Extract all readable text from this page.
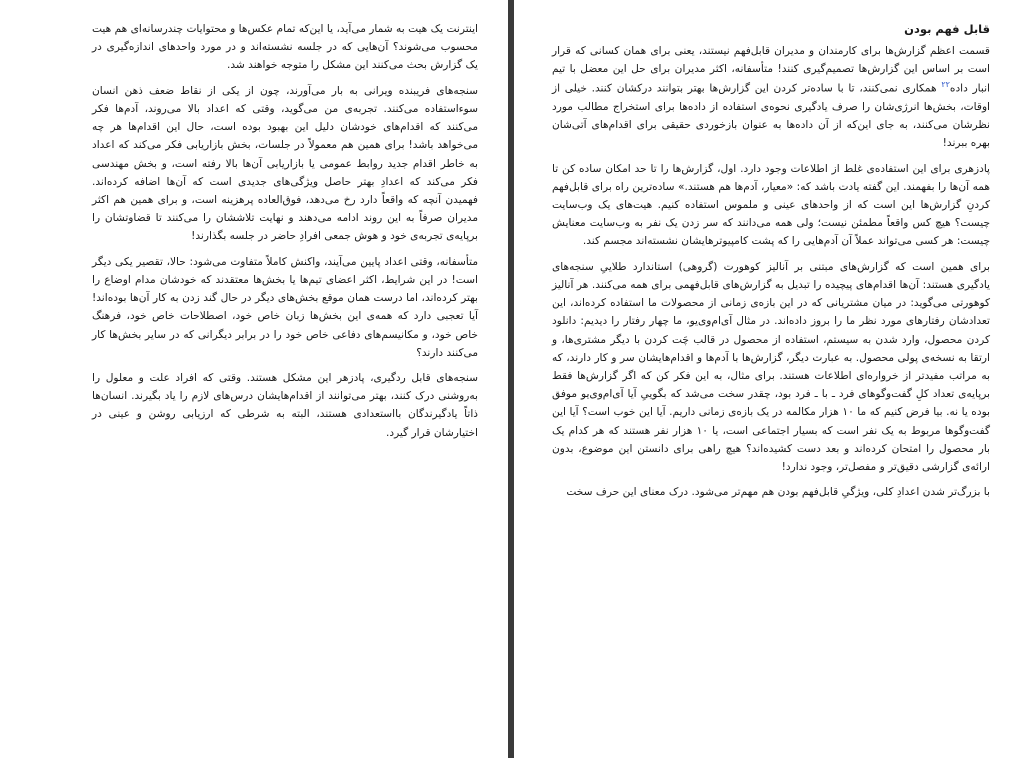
اینترنت یک هیت به شمار می‌آید، یا این‌که تمام عکس‌ها و محتوایات چندرسانه‌ای هم هیت محسوب می‌شوند؟ آن‌هایی که در جلسه نشسته‌اند و در مورد واحدهای اندازه‌گیری در یک گزارش بحث می‌کنند این مشکل را متوجه خواهند شد.

سنجه‌های فریبنده ویرانی به بار می‌آورند، چون از یکی از نقاط ضعف ذهن انسان سوءاستفاده می‌کنند. تجربه‌ی من می‌گوید، وقتی که اعداد بالا می‌روند، آدم‌ها فکر می‌کنند که اقدام‌های خودشان دلیل این بهبود بوده است، حال این اقدام‌ها هر چه می‌خواهد باشد! برای همین هم معمولاً در جلسات، بخش بازاریابی فکر می‌کند که اعداد به خاطر اقدام جدید روابط عمومی یا بازاریابی آن‌ها بالا رفته است، و بخش مهندسی فکر می‌کند که اعدادِ بهتر حاصل ویژگی‌های جدیدی است که آن‌ها اضافه کرده‌اند. فهمیدن آنچه که واقعاً دارد رخ می‌دهد، فوق‌العاده پرهزینه است، و برای همین هم اکثر مدیران صرفاً به این روند ادامه می‌دهند و نهایت تلاششان را می‌کنند تا قضاوتشان را برپایه‌ی تجربه‌ی خود و هوش جمعی افرادِ حاضر در جلسه بگذارند!

متأسفانه، وقتی اعداد پایین می‌آیند، واکنش کاملاً متفاوت می‌شود: حالا، تقصیر یکی دیگر است! در این شرایط، اکثر اعضای تیم‌ها یا بخش‌ها معتقدند که خودشان مدام اوضاع را بهتر کرده‌اند، اما درست همان موقع بخش‌های دیگر در حال گند زدن به کار آن‌ها بوده‌اند! آیا تعجبی دارد که همه‌ی این بخش‌ها زبان خاص خود، اصطلاحات خاص خود، فرهنگ خاص خود، و مکانیسم‌های دفاعی خاص خود را در برابر دیگرانی که در سایر بخش‌ها کار می‌کنند دارند؟

سنجه‌های قابل ردگیری، پادزهر این مشکل هستند. وقتی که افراد علت و معلول را به‌روشنی درک کنند، بهتر می‌توانند از اقدام‌هایشان درس‌های لازم را یاد بگیرند. انسان‌ها ذاتاً یادگیرندگان بااستعدادی هستند، البته به شرطی که ارزیابی روشن و عینی در اختیارشان قرار گیرد.

قابل فهم بودن

قسمت اعظم گزارش‌ها برای کارمندان و مدیران قابل‌فهم نیستند، یعنی برای همان کسانی که قرار است بر اساس این گزارش‌ها تصمیم‌گیری کنند! متأسفانه، اکثر مدیران برای حل این معضل با تیم انبار داده$^{۲۲}$ همکاری نمی‌کنند، تا با ساده‌تر کردن این گزارش‌ها بهتر بتوانند درکشان کنند. خیلی از اوقات، بخش‌ها انرژی‌شان را صرف یادگیری نحوه‌ی استفاده از داده‌ها برای استخراج مطالب مورد نظرشان می‌کنند، به جای این‌که از آن داده‌ها به عنوان بازخوردی حقیقی برای اقدام‌های آتی‌شان بهره ببرند!

پادزهری برای این استفاده‌ی غلط از اطلاعات وجود دارد. اول، گزارش‌ها را تا حد امکان ساده کن تا همه آن‌ها را بفهمند. این گفته یادت باشد که: «معیار، آدم‌ها هم هستند.» ساده‌ترین راه برای قابل‌فهم کردنِ گزارش‌ها این است که از واحدهای عینی و ملموس استفاده کنیم. هیت‌های یک وب‌سایت چیست؟ هیچ کس واقعاً مطمئن نیست؛ ولی همه می‌دانند که سر زدن یک نفر به وب‌سایت معنایش چیست: هر کسی می‌تواند عملاً آن آدم‌هایی را که پشت کامپیوترهایشان نشسته‌اند مجسم کند.

برای همین است که گزارش‌های مبتنی بر آنالیز کوهورت (گروهی) استاندارد طلاییِ سنجه‌های یادگیری هستند: آن‌ها اقدام‌های پیچیده را تبدیل به گزارش‌های قابل‌فهمی برای همه می‌کنند. هر آنالیز کوهورتی می‌گوید: در میان مشتریانی که در این بازه‌ی زمانی از محصولات ما استفاده کرده‌اند، این تعدادشان رفتارهای مورد نظر ما را بروز داده‌اند. در مثال آی‌ام‌وی‌یو، ما چهار رفتار را دیدیم: دانلود کردن محصول، وارد شدن به سیستم، استفاده از محصول در قالب چَت کردن با دیگر مشتری‌ها، و ارتقا به نسخه‌ی پولی محصول. به عبارت دیگر، گزارش‌ها با آدم‌ها و اقدام‌هایشان سر و کار دارند، که به مراتب مفیدتر از خرواره‌ای اطلاعات هستند. برای مثال، به این فکر کن که اگر گزارش‌ها فقط برپایه‌ی تعداد کلِ گفت‌وگوهای فرد ـ با ـ فرد بود، چقدر سخت می‌شد که بگوییِ آیا آی‌ام‌وی‌یو موفق بوده یا نه. بیا فرض کنیم که ما ۱۰ هزار مکالمه در یک بازه‌ی زمانی داریم. آیا این خوب است؟ آیا این گفت‌وگوها مربوط به یک نفر است که بسیار اجتماعی است، یا ۱۰ هزار نفر هستند که هر کدام یک بار محصول را امتحان کرده‌اند و بعد دست کشیده‌اند؟ هیچ راهی برای دانستن این موضوع، بدون ارائه‌ی گزارشی دقیق‌تر و مفصل‌تر، وجود ندارد!

با بزرگ‌تر شدن اعدادِ کلی، ویژگیِ قابل‌فهم بودن هم مهم‌تر می‌شود. درک معنای این حرف سخت
